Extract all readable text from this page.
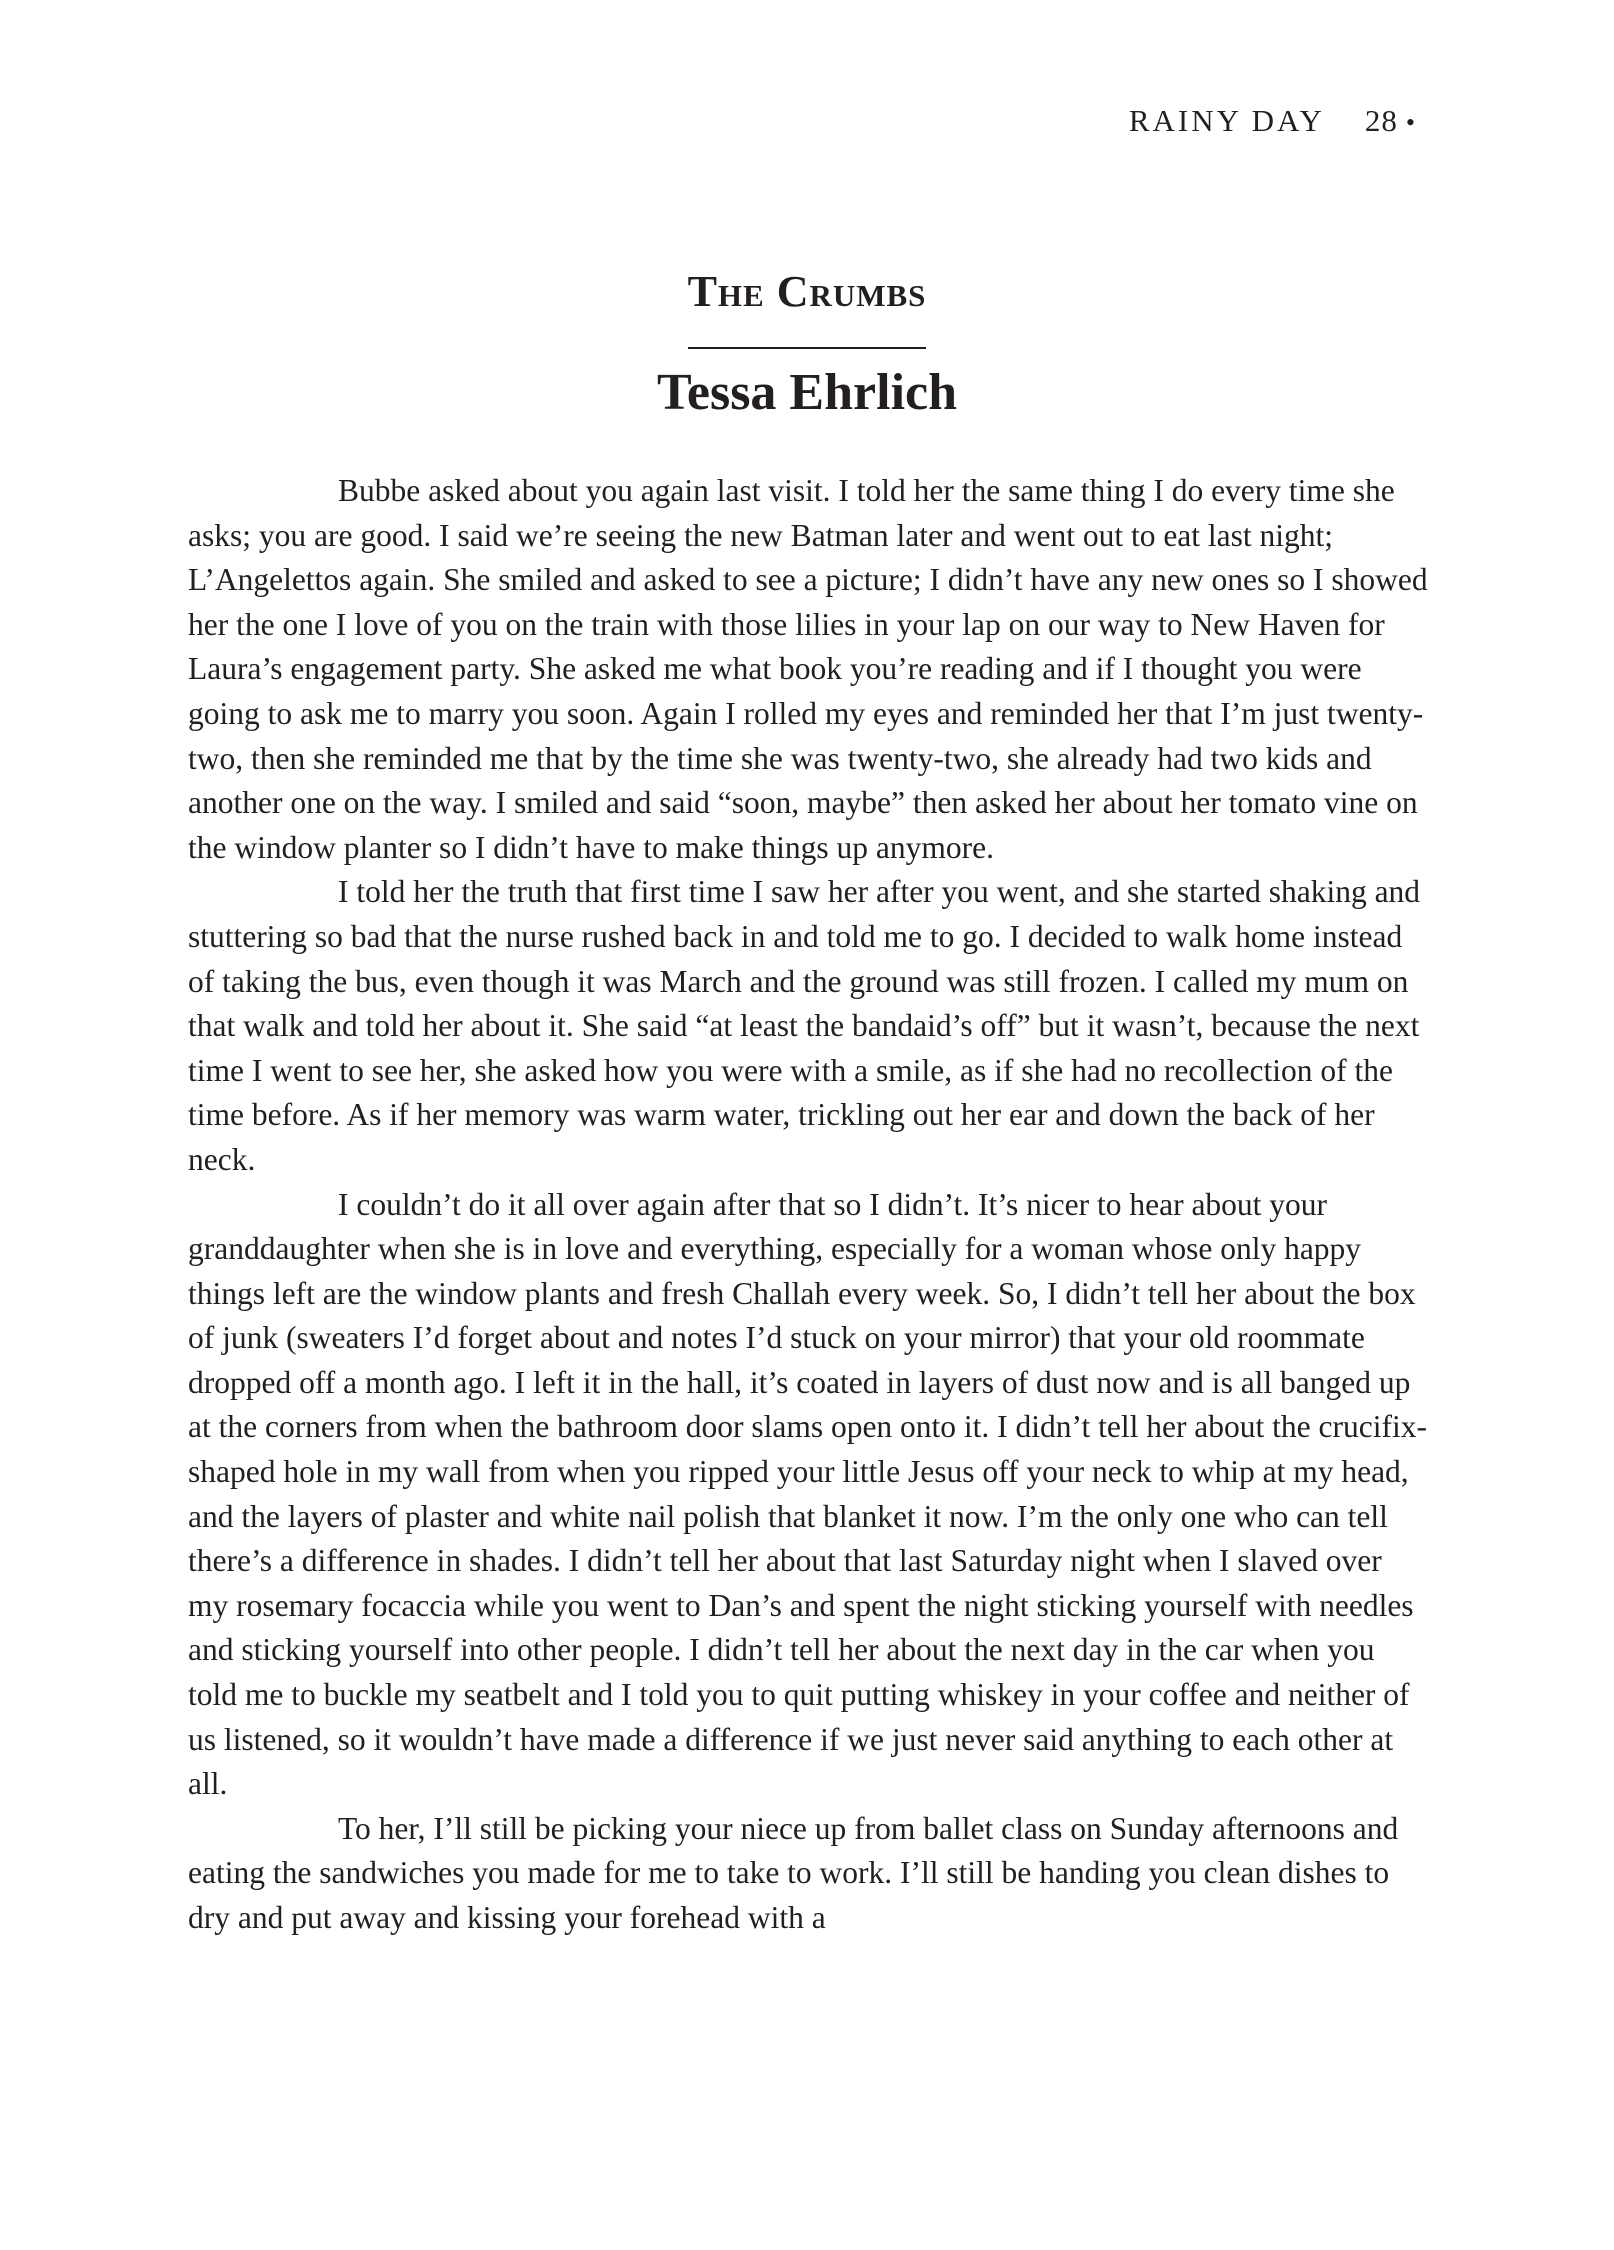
RAINY DAY 28 •
The Crumbs
Tessa Ehrlich

Bubbe asked about you again last visit. I told her the same thing I do every time she asks; you are good. I said we’re seeing the new Batman later and went out to eat last night; L’Angelettos again. She smiled and asked to see a picture; I didn’t have any new ones so I showed her the one I love of you on the train with those lilies in your lap on our way to New Haven for Laura’s engagement party. She asked me what book you’re reading and if I thought you were going to ask me to marry you soon. Again I rolled my eyes and reminded her that I’m just twenty-two, then she reminded me that by the time she was twenty-two, she already had two kids and another one on the way. I smiled and said “soon, maybe” then asked her about her tomato vine on the window planter so I didn’t have to make things up anymore.

I told her the truth that first time I saw her after you went, and she started shaking and stuttering so bad that the nurse rushed back in and told me to go. I decided to walk home instead of taking the bus, even though it was March and the ground was still frozen. I called my mum on that walk and told her about it. She said “at least the bandaid’s off” but it wasn’t, because the next time I went to see her, she asked how you were with a smile, as if she had no recollection of the time before. As if her memory was warm water, trickling out her ear and down the back of her neck.

I couldn’t do it all over again after that so I didn’t. It’s nicer to hear about your granddaughter when she is in love and everything, especially for a woman whose only happy things left are the window plants and fresh Challah every week. So, I didn’t tell her about the box of junk (sweaters I’d forget about and notes I’d stuck on your mirror) that your old roommate dropped off a month ago. I left it in the hall, it’s coated in layers of dust now and is all banged up at the corners from when the bathroom door slams open onto it. I didn’t tell her about the crucifix-shaped hole in my wall from when you ripped your little Jesus off your neck to whip at my head, and the layers of plaster and white nail polish that blanket it now. I’m the only one who can tell there’s a difference in shades. I didn’t tell her about that last Saturday night when I slaved over my rosemary focaccia while you went to Dan’s and spent the night sticking yourself with needles and sticking yourself into other people. I didn’t tell her about the next day in the car when you told me to buckle my seatbelt and I told you to quit putting whiskey in your coffee and neither of us listened, so it wouldn’t have made a difference if we just never said anything to each other at all.

To her, I’ll still be picking your niece up from ballet class on Sunday afternoons and eating the sandwiches you made for me to take to work. I’ll still be handing you clean dishes to dry and put away and kissing your forehead with a
